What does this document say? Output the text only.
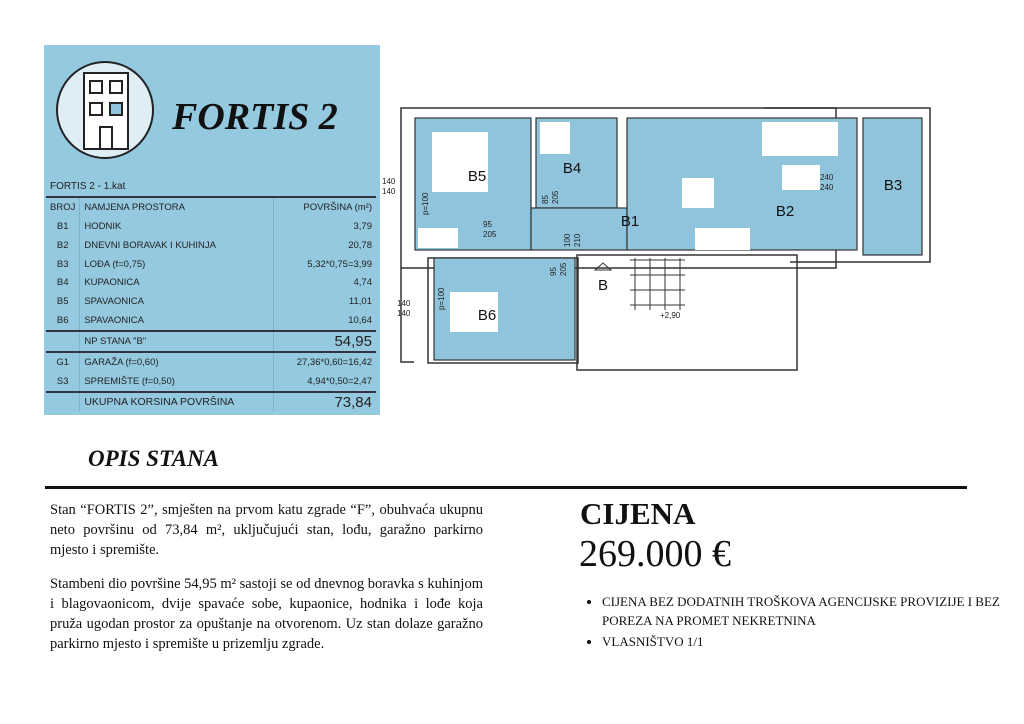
FORTIS 2
FORTIS 2 - 1.kat		
BROJ	NAMJENA PROSTORA	POVRŠINA (m²)
B1	HODNIK	3,79
B2	DNEVNI BORAVAK I KUHINJA	20,78
B3	LOĐA (f=0,75)	5,32*0,75=3,99
B4	KUPAONICA	4,74
B5	SPAVAONICA	11,01
B6	SPAVAONICA	10,64
	NP STANA "B"	54,95
G1	GARAŽA (f=0,60)	27,36*0,60=16,42
S3	SPREMIŠTE (f=0,50)	4,94*0,50=2,47
	UKUPNA KORSINA POVRŠINA	73,84
B5	B4
B1
B2
B3
B6
B
+2,90
140
140
140
140
95
205
240
240
p=100
p=100
85 205
95 205
100 210
OPIS STANA
Stan “FORTIS 2”, smješten na prvom katu zgrade “F”, obuhvaća ukupnu neto površinu od 73,84 m², uključujući stan, lođu, garažno parkirno mjesto i spremište.
Stambeni dio površine 54,95 m² sastoji se od dnevnog boravka s kuhinjom i blagovaonicom, dvije spavaće sobe, kupaonice, hodnika i lođe koja pruža ugodan prostor za opuštanje na otvorenom. Uz stan dolaze garažno parkirno mjesto i spremište u prizemlju zgrade.
CIJENA
269.000 €
• CIJENA BEZ DODATNIH TROŠKOVA AGENCIJSKE PROVIZIJE I BEZ POREZA NA PROMET NEKRETNINA
• VLASNIŠTVO 1/1
